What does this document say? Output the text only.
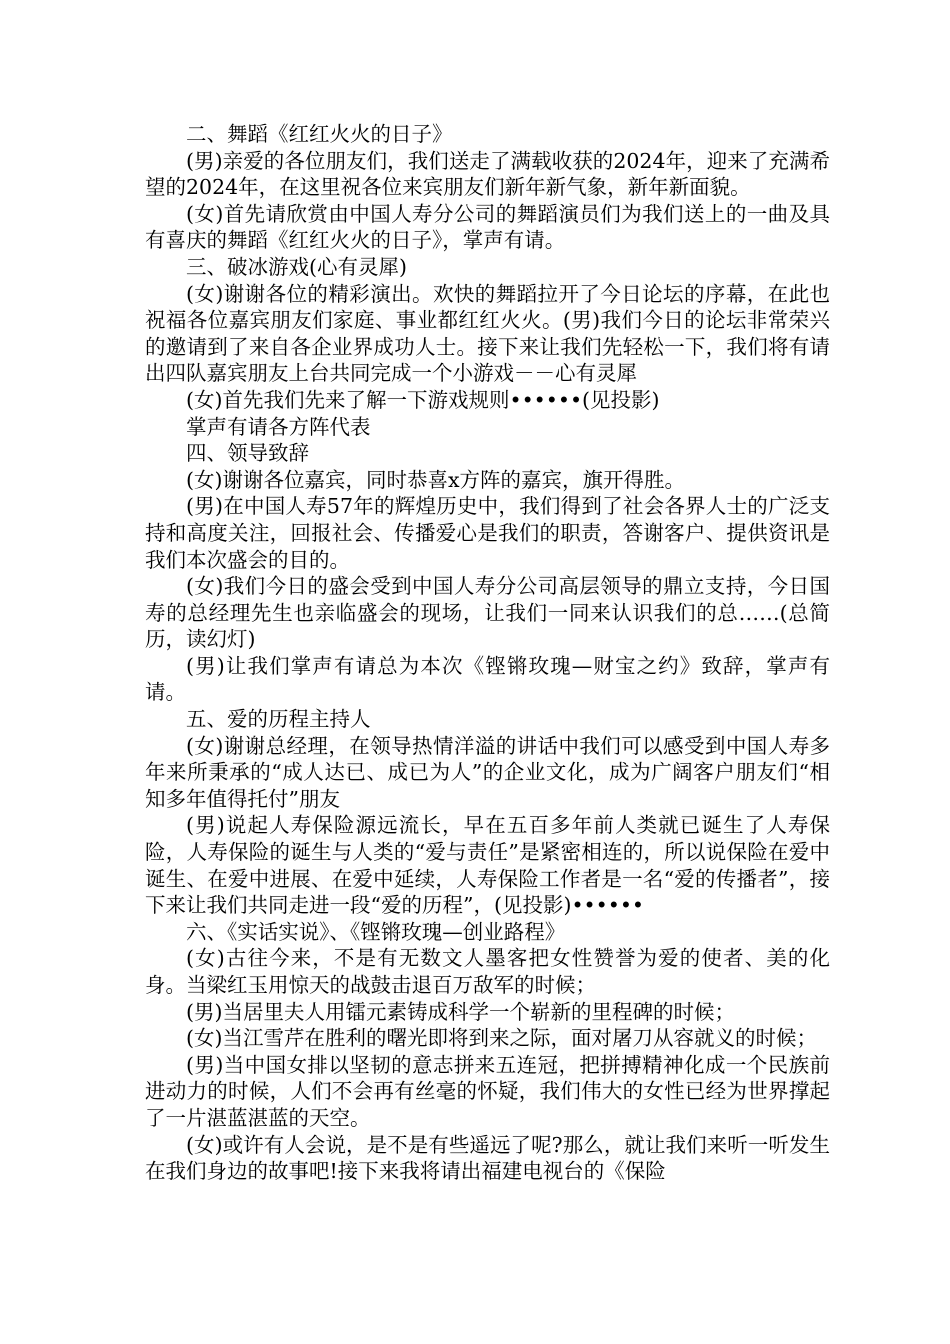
二、舞蹈《红红火火的日子》

(男)亲爱的各位朋友们，我们送走了满载收获的2024年，迎来了充满希望的2024年，在这里祝各位来宾朋友们新年新气象，新年新面貌。

(女)首先请欣赏由中国人寿分公司的舞蹈演员们为我们送上的一曲及具有喜庆的舞蹈《红红火火的日子》，掌声有请。

三、破冰游戏(心有灵犀)

(女)谢谢各位的精彩演出。欢快的舞蹈拉开了今日论坛的序幕，在此也祝福各位嘉宾朋友们家庭、事业都红红火火。(男)我们今日的论坛非常荣兴的邀请到了来自各企业界成功人士。接下来让我们先轻松一下，我们将有请出四队嘉宾朋友上台共同完成一个小游戏－－心有灵犀

(女)首先我们先来了解一下游戏规则••••••(见投影)

掌声有请各方阵代表

四、领导致辞

(女)谢谢各位嘉宾，同时恭喜x方阵的嘉宾，旗开得胜。

(男)在中国人寿57年的辉煌历史中，我们得到了社会各界人士的广泛支持和高度关注，回报社会、传播爱心是我们的职责，答谢客户、提供资讯是我们本次盛会的目的。

(女)我们今日的盛会受到中国人寿分公司高层领导的鼎立支持，今日国寿的总经理先生也亲临盛会的现场，让我们一同来认识我们的总……(总简历，读幻灯)

(男)让我们掌声有请总为本次《铿锵玫瑰—财宝之约》致辞，掌声有请。

五、爱的历程主持人

(女)谢谢总经理，在领导热情洋溢的讲话中我们可以感受到中国人寿多年来所秉承的“成人达已、成已为人”的企业文化，成为广阔客户朋友们“相知多年值得托付”朋友

(男)说起人寿保险源远流长，早在五百多年前人类就已诞生了人寿保险，人寿保险的诞生与人类的“爱与责任”是紧密相连的，所以说保险在爱中诞生、在爱中进展、在爱中延续，人寿保险工作者是一名“爱的传播者”，接下来让我们共同走进一段“爱的历程”，(见投影)••••••

六、《实话实说》、《铿锵玫瑰—创业路程》

(女)古往今来，不是有无数文人墨客把女性赞誉为爱的使者、美的化身。当梁红玉用惊天的战鼓击退百万敌军的时候；

(男)当居里夫人用镭元素铸成科学一个崭新的里程碑的时候；

(女)当江雪芹在胜利的曙光即将到来之际，面对屠刀从容就义的时候；

(男)当中国女排以坚韧的意志拼来五连冠，把拼搏精神化成一个民族前进动力的时候，人们不会再有丝毫的怀疑，我们伟大的女性已经为世界撑起了一片湛蓝湛蓝的天空。

(女)或许有人会说，是不是有些遥远了呢?那么，就让我们来听一听发生在我们身边的故事吧!接下来我将请出福建电视台的《保险
